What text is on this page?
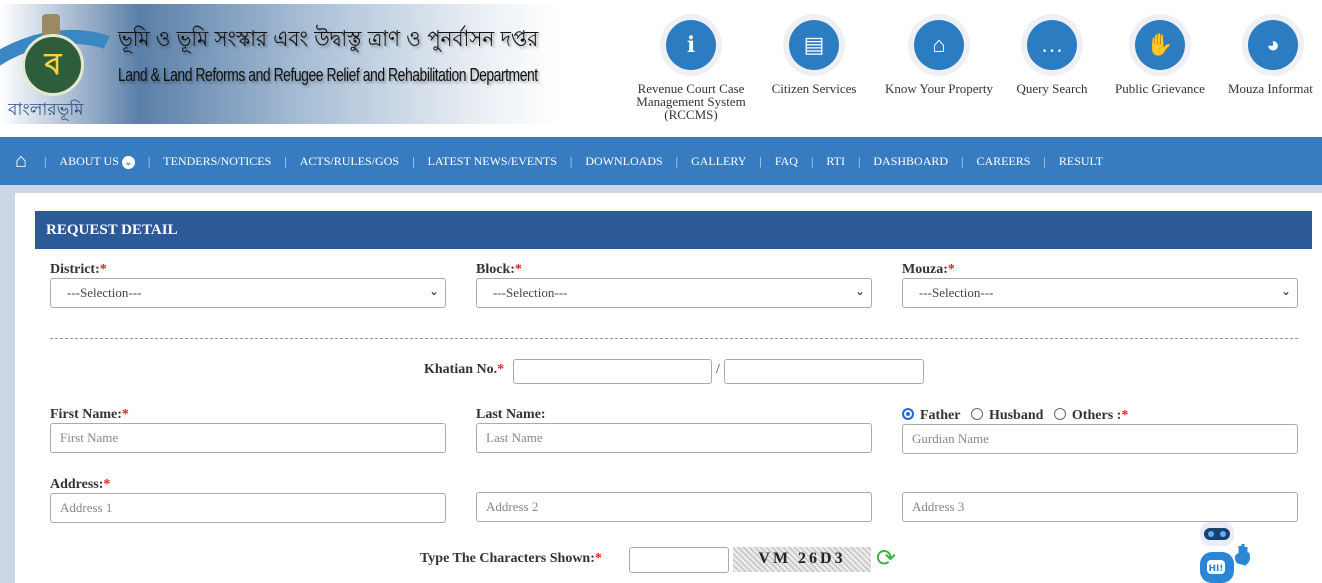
ব
বাংলারভূমি
ভূমি ও ভূমি সংস্কার এবং উদ্বাস্তু ত্রাণ ও পুনর্বাসন দপ্তর
Land & Land Reforms and Refugee Relief and Rehabilitation Department
ℹ
Revenue Court Case Management System (RCCMS)
▤
Citizen Services
⌂
Know Your Property
…
Query Search
✋
Public Grievance
◕
Mouza Informat
⌂ | ABOUT US ⌄ | TENDERS/NOTICES | ACTS/RULES/GOS | LATEST NEWS/EVENTS | DOWNLOADS | GALLERY | FAQ | RTI | DASHBOARD | CAREERS | RESULT
REQUEST DETAIL
District:*
---Selection---	⌄
Block:*
---Selection---	⌄
Mouza:*
---Selection---	⌄
Khatian No.*	/
First Name:*
First Name
Last Name:
Last Name
Father Husband Others :*
Gurdian Name
Address:*
Address 1	Address 2	Address 3
Type The Characters Shown:*	VM 26D3	⟳	HI!
